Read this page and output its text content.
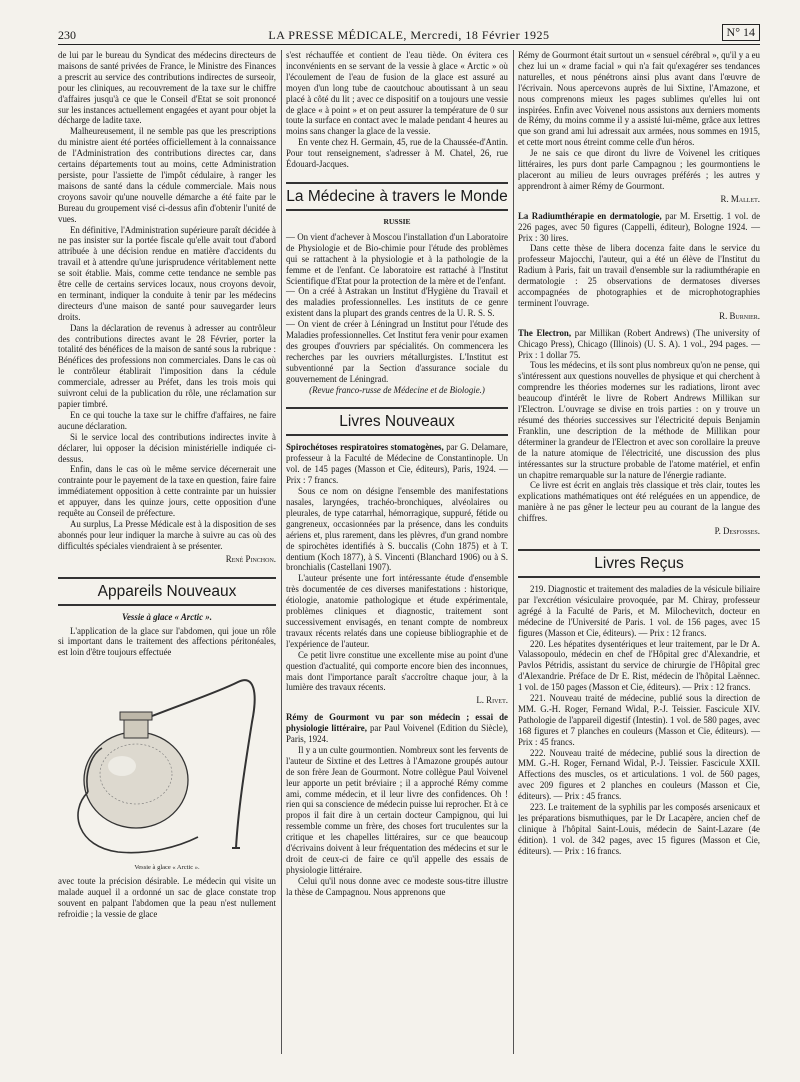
230	LA PRESSE MÉDICALE, Mercredi, 18 Février 1925	N° 14

de lui par le bureau du Syndicat des médecins directeurs de maisons de santé privées de France, le Ministre des Finances a prescrit au service des contributions indirectes de surseoir, pour les cliniques, au recouvrement de la taxe sur le chiffre d'affaires jusqu'à ce que le Conseil d'Etat se soit prononcé sur les instances actuellement engagées et ayant pour objet la décharge de ladite taxe.

Malheureusement, il ne semble pas que les prescriptions du ministre aient été portées officiellement à la connaissance de l'Administration des contributions directes car, dans certains départements tout au moins, cette Administration persiste, pour l'assiette de l'impôt cédulaire, à ranger les maisons de santé dans la cédule commerciale. Mais nous croyons savoir qu'une nouvelle démarche a été faite par le Bureau du groupement visé ci-dessus afin d'obtenir l'unité de vues.

En définitive, l'Administration supérieure paraît décidée à ne pas insister sur la portée fiscale qu'elle avait tout d'abord attribuée à une décision rendue en matière d'accidents du travail et à attendre qu'une jurisprudence véritablement nette se soit établie. Mais, comme cette tendance ne semble pas être celle de certains services locaux, nous croyons devoir, en terminant, indiquer la conduite à tenir par les médecins directeurs d'une maison de santé pour sauvegarder leurs droits.

Dans la déclaration de revenus à adresser au contrôleur des contributions directes avant le 28 Février, porter la totalité des bénéfices de la maison de santé sous la rubrique : Bénéfices des professions non commerciales. Dans le cas où le contrôleur établirait l'imposition dans la cédule commerciale, adresser au Préfet, dans les trois mois qui suivront celui de la publication du rôle, une réclamation sur papier timbré.

En ce qui touche la taxe sur le chiffre d'affaires, ne faire aucune déclaration.

Si le service local des contributions indirectes invite à déclarer, lui opposer la décision ministérielle indiquée ci-dessus.

Enfin, dans le cas où le même service décernerait une contrainte pour le payement de la taxe en question, faire faire immédiatement opposition à cette contrainte par un huissier et appuyer, dans les quinze jours, cette opposition d'une requête au Conseil de préfecture.

Au surplus, La Presse Médicale est à la disposition de ses abonnés pour leur indiquer la marche à suivre au cas où des difficultés spéciales viendraient à se présenter.

René Pinchon.

Appareils Nouveaux

Vessie à glace « Arctic ».

L'application de la glace sur l'abdomen, qui joue un rôle si important dans le traitement des affections péritonéales, est loin d'être toujours effectuée

Vessie à glace « Arctic ».

avec toute la précision désirable. Le médecin qui visite un malade auquel il a ordonné un sac de glace constate trop souvent en palpant l'abdomen que la peau n'est nullement refroidie ; la vessie de glace

s'est réchauffée et contient de l'eau tiède. On évitera ces inconvénients en se servant de la vessie à glace « Arctic » où l'écoulement de l'eau de fusion de la glace est assuré au moyen d'un long tube de caoutchouc aboutissant à un seau placé à côté du lit ; avec ce dispositif on a toujours une vessie de glace « à point » et on peut assurer la température de 0 sur toute la surface en contact avec le malade pendant 4 heures au moins sans changer la glace de la vessie.

En vente chez H. Germain, 45, rue de la Chaussée-d'Antin. Pour tout renseignement, s'adresser à M. Chatel, 26, rue Édouard-Jacques.

La Médecine à travers le Monde

RUSSIE

— On vient d'achever à Moscou l'installation d'un Laboratoire de Physiologie et de Bio-chimie pour l'étude des problèmes qui se rattachent à la physiologie et à la pathologie de la femme et de l'enfant. Ce laboratoire est rattaché à l'Institut Scientifique d'Etat pour la protection de la mère et de l'enfant.

— On a créé à Astrakan un Institut d'Hygiène du Travail et des maladies professionnelles. Les instituts de ce genre existent dans la plupart des grands centres de la U. R. S. S.

— On vient de créer à Léningrad un Institut pour l'étude des Maladies professionnelles. Cet Institut fera venir pour examen des groupes d'ouvriers par spécialités. On commencera les recherches par les ouvriers métallurgistes. L'Institut est subventionné par la Section d'assurance sociale du gouvernement de Léningrad.

(Revue franco-russe de Médecine et de Biologie.)

Livres Nouveaux

Spirochétoses respiratoires stomatogènes, par G. Delamare, professeur à la Faculté de Médecine de Constantinople. Un vol. de 145 pages (Masson et Cie, éditeurs), Paris, 1924. — Prix : 7 francs.

Sous ce nom on désigne l'ensemble des manifestations nasales, laryngées, trachéo-bronchiques, alvéolaires ou pleurales, de type catarrhal, hémorragique, suppuré, fétide ou gangreneux, occasionnées par la présence, dans les conduits aériens et, plus rarement, dans les plèvres, d'un grand nombre de spirochètes identifiés à S. buccalis (Cohn 1875) et à T. dentium (Koch 1877), à S. Vincenti (Blanchard 1906) ou à S. bronchialis (Castellani 1907).

L'auteur présente une fort intéressante étude d'ensemble très documentée de ces diverses manifestations : historique, étiologie, anatomie pathologique et étude expérimentale, problèmes cliniques et diagnostic, traitement sont successivement envisagés, en tenant compte de nombreux travaux récents relatés dans une copieuse bibliographie et de l'expérience de l'auteur.

Ce petit livre constitue une excellente mise au point d'une question d'actualité, qui comporte encore bien des inconnues, mais dont l'importance paraît s'accroître chaque jour, à la lumière des travaux récents.

L. Rivet.

Rémy de Gourmont vu par son médecin ; essai de physiologie littéraire, par Paul Voivenel (Edition du Siècle), Paris, 1924.

Il y a un culte gourmontien. Nombreux sont les fervents de l'auteur de Sixtine et des Lettres à l'Amazone groupés autour de son frère Jean de Gourmont. Notre collègue Paul Voivenel leur apporte un petit bréviaire ; il a approché Rémy comme ami, comme médecin, et il leur livre des confidences. Oh ! rien qui sa conscience de médecin puisse lui reprocher. Et à ce propos il fait dire à un certain docteur Campignou, qui lui ressemble comme un frère, des choses fort truculentes sur la critique et les chapelles littéraires, sur ce que beaucoup d'écrivains doivent à leur fréquentation des médecins et sur le droit de ceux-ci de faire ce qu'il appelle des essais de physiologie littéraire.

Celui qu'il nous donne avec ce modeste sous-titre illustre la thèse de Campagnou. Nous apprenons que

Rémy de Gourmont était surtout un « sensuel cérébral », qu'il y a eu chez lui un « drame facial » qui n'a fait qu'exagérer ses tendances naturelles, et nous pénétrons ainsi plus avant dans l'œuvre de l'écrivain. Nous apercevons auprès de lui Sixtine, l'Amazone, et nous comprenons mieux les pages sublimes qu'elles lui ont inspirées. Enfin avec Voivenel nous assistons aux derniers moments de Rémy, du moins comme il y a assisté lui-même, grâce aux lettres que son grand ami lui adressait aux armées, nous sommes en 1915, et cette mort nous étreint comme celle d'un héros.

Je ne sais ce que diront du livre de Voivenel les critiques littéraires, les purs dont parle Campagnou ; les gourmontiens le placeront au milieu de leurs ouvrages préférés ; les autres y apprendront à aimer Rémy de Gourmont.

R. Mallet.

La Radiumthérapie en dermatologie, par M. Ersettig. 1 vol. de 226 pages, avec 50 figures (Cappelli, éditeur), Bologne 1924. — Prix : 30 lires.

Dans cette thèse de libera docenza faite dans le service du professeur Majocchi, l'auteur, qui a été un élève de l'Institut du Radium à Paris, fait un travail d'ensemble sur la radiumthérapie en dermatologie : 25 observations de dermatoses diverses accompagnées de photographies et de microphotographies terminent l'ouvrage.

R. Burnier.

The Electron, par Millikan (Robert Andrews) (The university of Chicago Press), Chicago (Illinois) (U. S. A). 1 vol., 294 pages. — Prix : 1 dollar 75.

Tous les médecins, et ils sont plus nombreux qu'on ne pense, qui s'intéressent aux questions nouvelles de physique et qui cherchent à comprendre les théories modernes sur les radiations, liront avec beaucoup d'intérêt le livre de Robert Andrews Millikan sur l'Electron. L'ouvrage se divise en trois parties : on y trouve un résumé des théories successives sur l'électricité depuis Benjamin Franklin, une description de la méthode de Millikan pour déterminer la grandeur de l'Electron et avec son corollaire la preuve de la nature atomique de l'électricité, une discussion des plus intéressantes sur la structure probable de l'atome matériel, et enfin un chapitre remarquable sur la nature de l'énergie radiante.

Ce livre est écrit en anglais très classique et très clair, toutes les explications mathématiques ont été reléguées en un appendice, de manière à ne pas gêner le lecteur peu au courant de la langue des chiffres.

P. Desfosses.

Livres Reçus

219. Diagnostic et traitement des maladies de la vésicule biliaire par l'excrétion vésiculaire provoquée, par M. Chiray, professeur agrégé à la Faculté de Paris, et M. Milochevitch, docteur en médecine de l'Université de Paris. 1 vol. de 156 pages, avec 15 figures (Masson et Cie, éditeurs). — Prix : 12 francs.

220. Les hépatites dysentériques et leur traitement, par le Dr A. Valassopoulo, médecin en chef de l'Hôpital grec d'Alexandrie, et Pavlos Pétridis, assistant du service de chirurgie de l'Hôpital grec d'Alexandrie. Préface de Dr E. Rist, médecin de l'hôpital Laënnec. 1 vol. de 150 pages (Masson et Cie, éditeurs). — Prix : 12 francs.

221. Nouveau traité de médecine, publié sous la direction de MM. G.-H. Roger, Fernand Widal, P.-J. Teissier. Fascicule XIV. Pathologie de l'appareil digestif (Intestin). 1 vol. de 580 pages, avec 168 figures et 7 planches en couleurs (Masson et Cie, éditeurs). — Prix : 45 francs.

222. Nouveau traité de médecine, publié sous la direction de MM. G.-H. Roger, Fernand Widal, P.-J. Teissier. Fascicule XXII. Affections des muscles, os et articulations. 1 vol. de 560 pages, avec 209 figures et 2 planches en couleurs (Masson et Cie, éditeurs). — Prix : 45 francs.

223. Le traitement de la syphilis par les composés arsenicaux et les préparations bismuthiques, par le Dr Lacapère, ancien chef de clinique à l'hôpital Saint-Louis, médecin de Saint-Lazare (4e édition). 1 vol. de 342 pages, avec 15 figures (Masson et Cie, éditeurs). — Prix : 16 francs.
